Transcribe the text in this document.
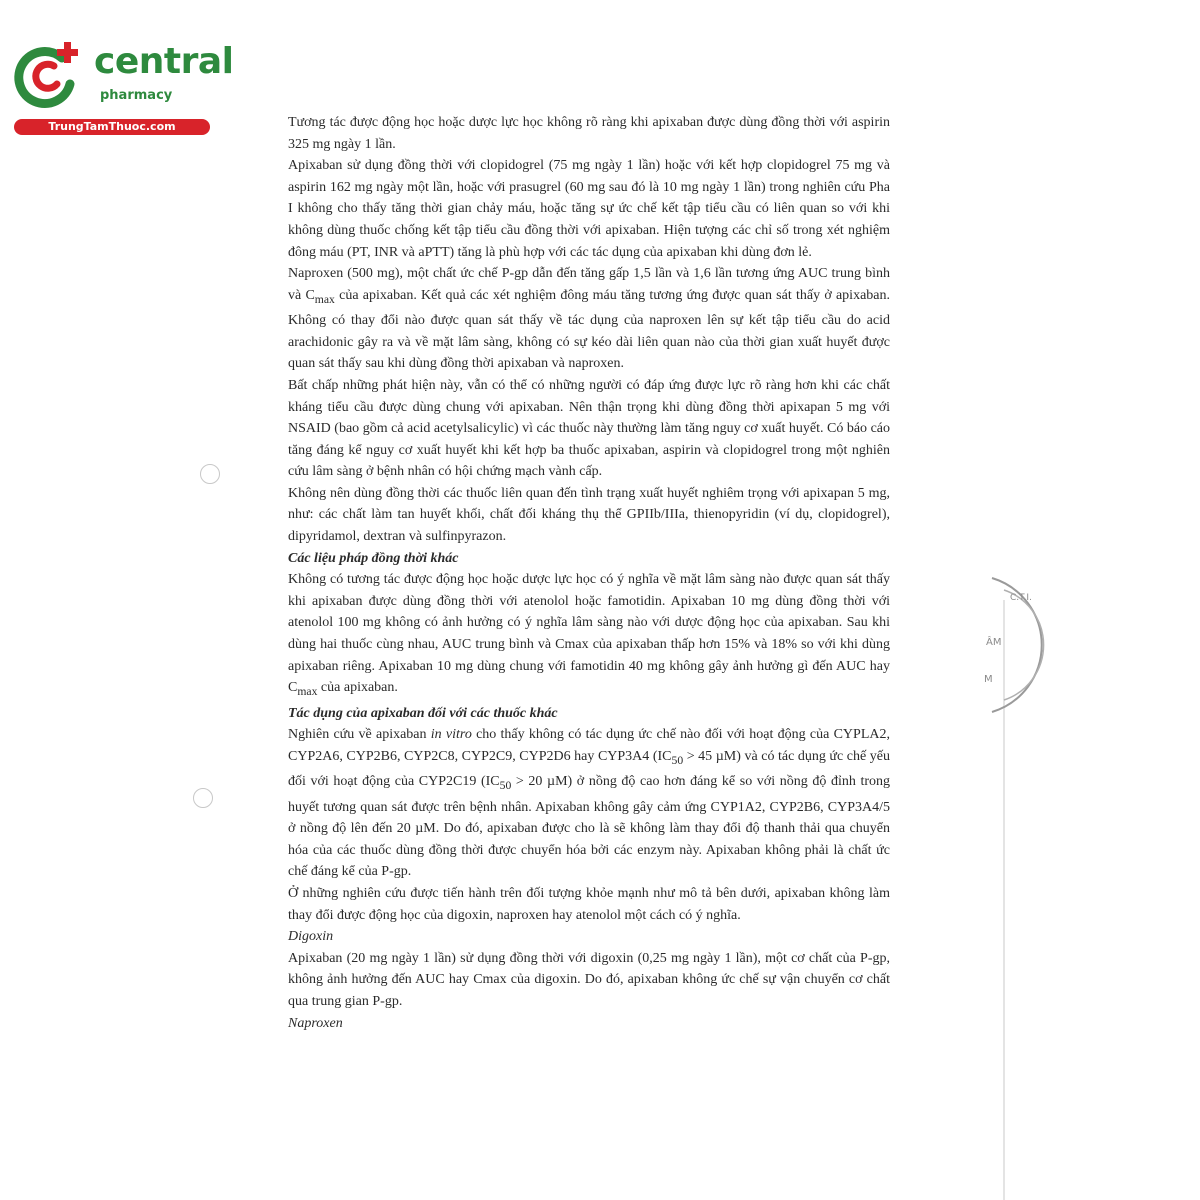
central
pharmacy
TrungTamThuoc.com
C.T.I.
ÂM
M

Tương tác được động học hoặc dược lực học không rõ ràng khi apixaban được dùng đồng thời với aspirin 325 mg ngày 1 lần.

Apixaban sử dụng đồng thời với clopidogrel (75 mg ngày 1 lần) hoặc với kết hợp clopidogrel 75 mg và aspirin 162 mg ngày một lần, hoặc với prasugrel (60 mg sau đó là 10 mg ngày 1 lần) trong nghiên cứu Pha I không cho thấy tăng thời gian chảy máu, hoặc tăng sự ức chế kết tập tiểu cầu có liên quan so với khi không dùng thuốc chống kết tập tiểu cầu đồng thời với apixaban. Hiện tượng các chỉ số trong xét nghiệm đông máu (PT, INR và aPTT) tăng là phù hợp với các tác dụng của apixaban khi dùng đơn lẻ.

Naproxen (500 mg), một chất ức chế P-gp dẫn đến tăng gấp 1,5 lần và 1,6 lần tương ứng AUC trung bình và $C_{max}$ của apixaban. Kết quả các xét nghiệm đông máu tăng tương ứng được quan sát thấy ở apixaban. Không có thay đổi nào được quan sát thấy về tác dụng của naproxen lên sự kết tập tiểu cầu do acid arachidonic gây ra và về mặt lâm sàng, không có sự kéo dài liên quan nào của thời gian xuất huyết được quan sát thấy sau khi dùng đồng thời apixaban và naproxen.

Bất chấp những phát hiện này, vẫn có thể có những người có đáp ứng được lực rõ ràng hơn khi các chất kháng tiểu cầu được dùng chung với apixaban. Nên thận trọng khi dùng đồng thời apixapan 5 mg với NSAID (bao gồm cả acid acetylsalicylic) vì các thuốc này thường làm tăng nguy cơ xuất huyết. Có báo cáo tăng đáng kể nguy cơ xuất huyết khi kết hợp ba thuốc apixaban, aspirin và clopidogrel trong một nghiên cứu lâm sàng ở bệnh nhân có hội chứng mạch vành cấp.

Không nên dùng đồng thời các thuốc liên quan đến tình trạng xuất huyết nghiêm trọng với apixapan 5 mg, như: các chất làm tan huyết khối, chất đối kháng thụ thể GPIIb/IIIa, thienopyridin (ví dụ, clopidogrel), dipyridamol, dextran và sulfinpyrazon.

Các liệu pháp đồng thời khác

Không có tương tác được động học hoặc dược lực học có ý nghĩa về mặt lâm sàng nào được quan sát thấy khi apixaban được dùng đồng thời với atenolol hoặc famotidin. Apixaban 10 mg dùng đồng thời với atenolol 100 mg không có ảnh hưởng có ý nghĩa lâm sàng nào với dược động học của apixaban. Sau khi dùng hai thuốc cùng nhau, AUC trung bình và Cmax của apixaban thấp hơn 15% và 18% so với khi dùng apixaban riêng. Apixaban 10 mg dùng chung với famotidin 40 mg không gây ảnh hưởng gì đến AUC hay $C_{max}$ của apixaban.

Tác dụng của apixaban đối với các thuốc khác

Nghiên cứu về apixaban in vitro cho thấy không có tác dụng ức chế nào đối với hoạt động của CYPLA2, CYP2A6, CYP2B6, CYP2C8, CYP2C9, CYP2D6 hay CYP3A4 ($IC_{50} > 45$ µM) và có tác dụng ức chế yếu đối với hoạt động của CYP2C19 ($IC_{50} > 20$ µM) ở nồng độ cao hơn đáng kể so với nồng độ đỉnh trong huyết tương quan sát được trên bệnh nhân. Apixaban không gây cảm ứng CYP1A2, CYP2B6, CYP3A4/5 ở nồng độ lên đến 20 µM. Do đó, apixaban được cho là sẽ không làm thay đổi độ thanh thải qua chuyển hóa của các thuốc dùng đồng thời được chuyển hóa bởi các enzym này. Apixaban không phải là chất ức chế đáng kể của P-gp.

Ở những nghiên cứu được tiến hành trên đối tượng khỏe mạnh như mô tả bên dưới, apixaban không làm thay đổi được động học của digoxin, naproxen hay atenolol một cách có ý nghĩa.

Digoxin

Apixaban (20 mg ngày 1 lần) sử dụng đồng thời với digoxin (0,25 mg ngày 1 lần), một cơ chất của P-gp, không ảnh hưởng đến AUC hay Cmax của digoxin. Do đó, apixaban không ức chế sự vận chuyển cơ chất qua trung gian P-gp.

Naproxen
